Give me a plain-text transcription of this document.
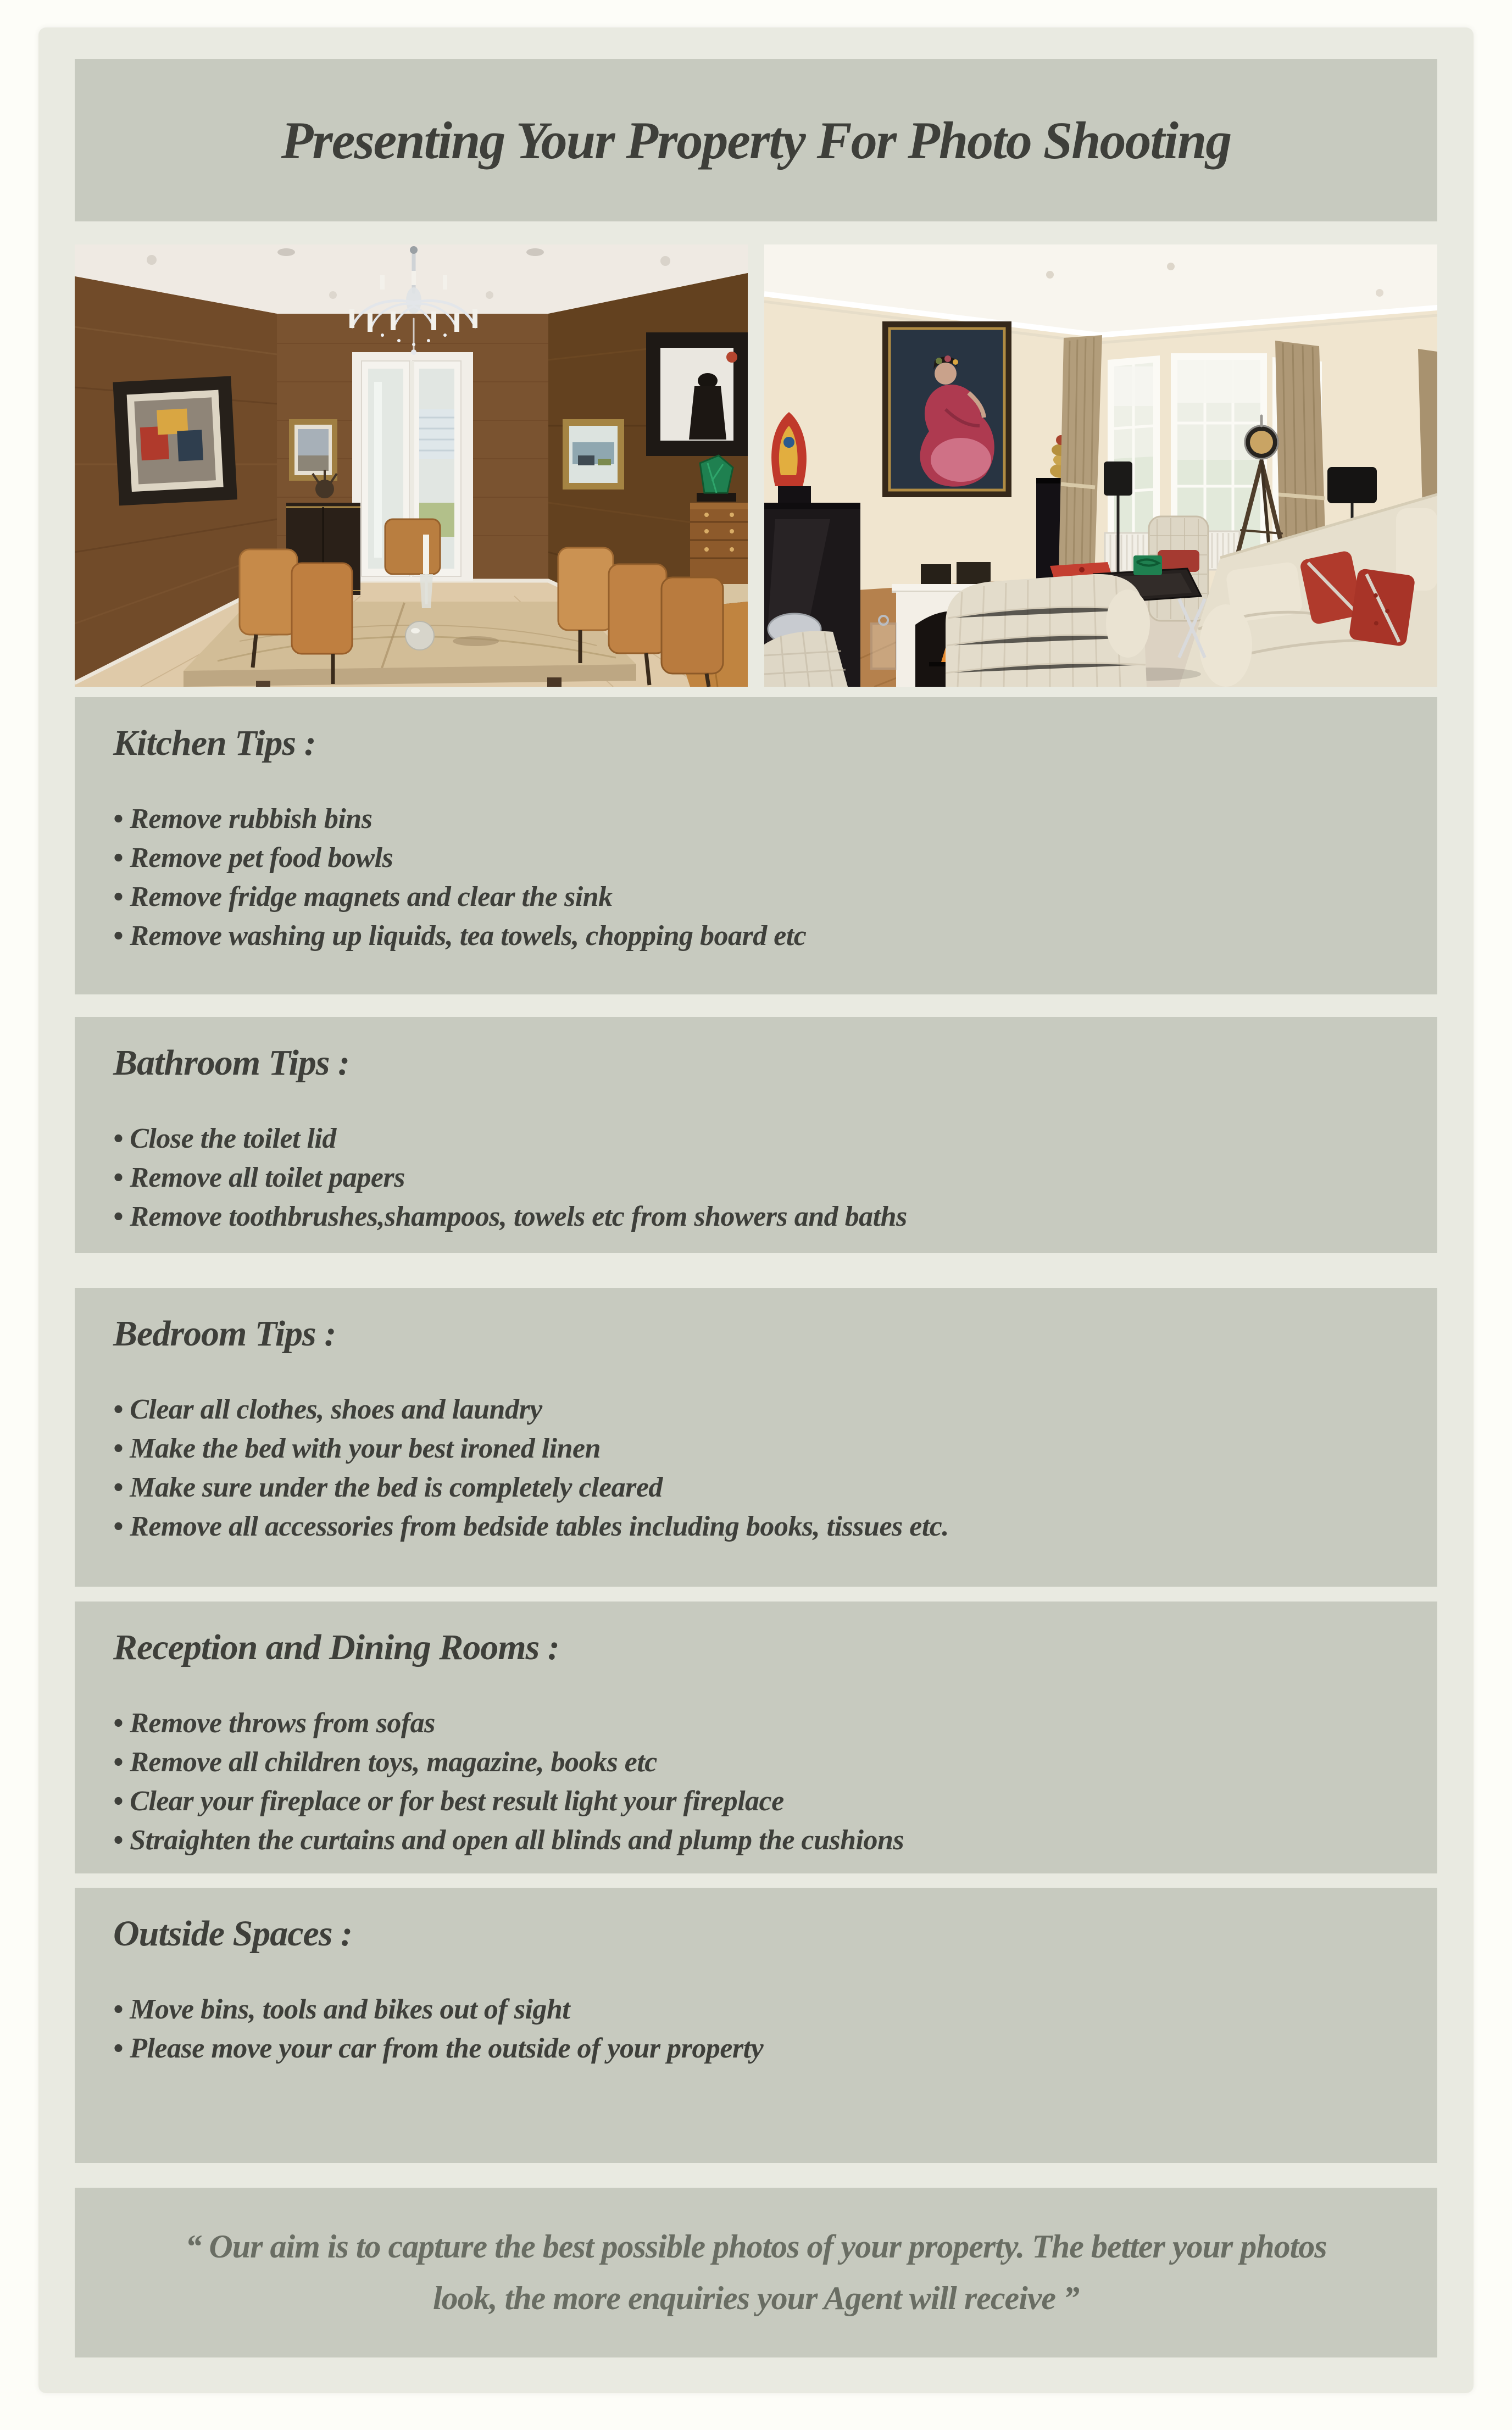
Presenting Your Property For Photo Shooting
Kitchen Tips :
• Remove rubbish bins
• Remove pet food bowls
• Remove fridge magnets and clear the sink
• Remove washing up liquids, tea towels, chopping board etc
Bathroom Tips :
• Close the toilet lid
• Remove all toilet papers
• Remove toothbrushes,shampoos, towels etc from showers and baths
Bedroom Tips :
• Clear all clothes, shoes and laundry
• Make the bed with your best ironed linen
• Make sure under the bed is completely cleared
• Remove all accessories from bedside tables including books, tissues etc.
Reception and Dining Rooms :
• Remove throws from sofas
• Remove all children toys, magazine, books etc
• Clear your fireplace or for best result light your fireplace
• Straighten the curtains and open all blinds and plump the cushions
Outside Spaces :
• Move bins, tools and bikes out of sight
• Please move your car from the outside of your property
“ Our aim is to capture the best possible photos of your property. The better your photos
look, the more enquiries your Agent will receive ”
